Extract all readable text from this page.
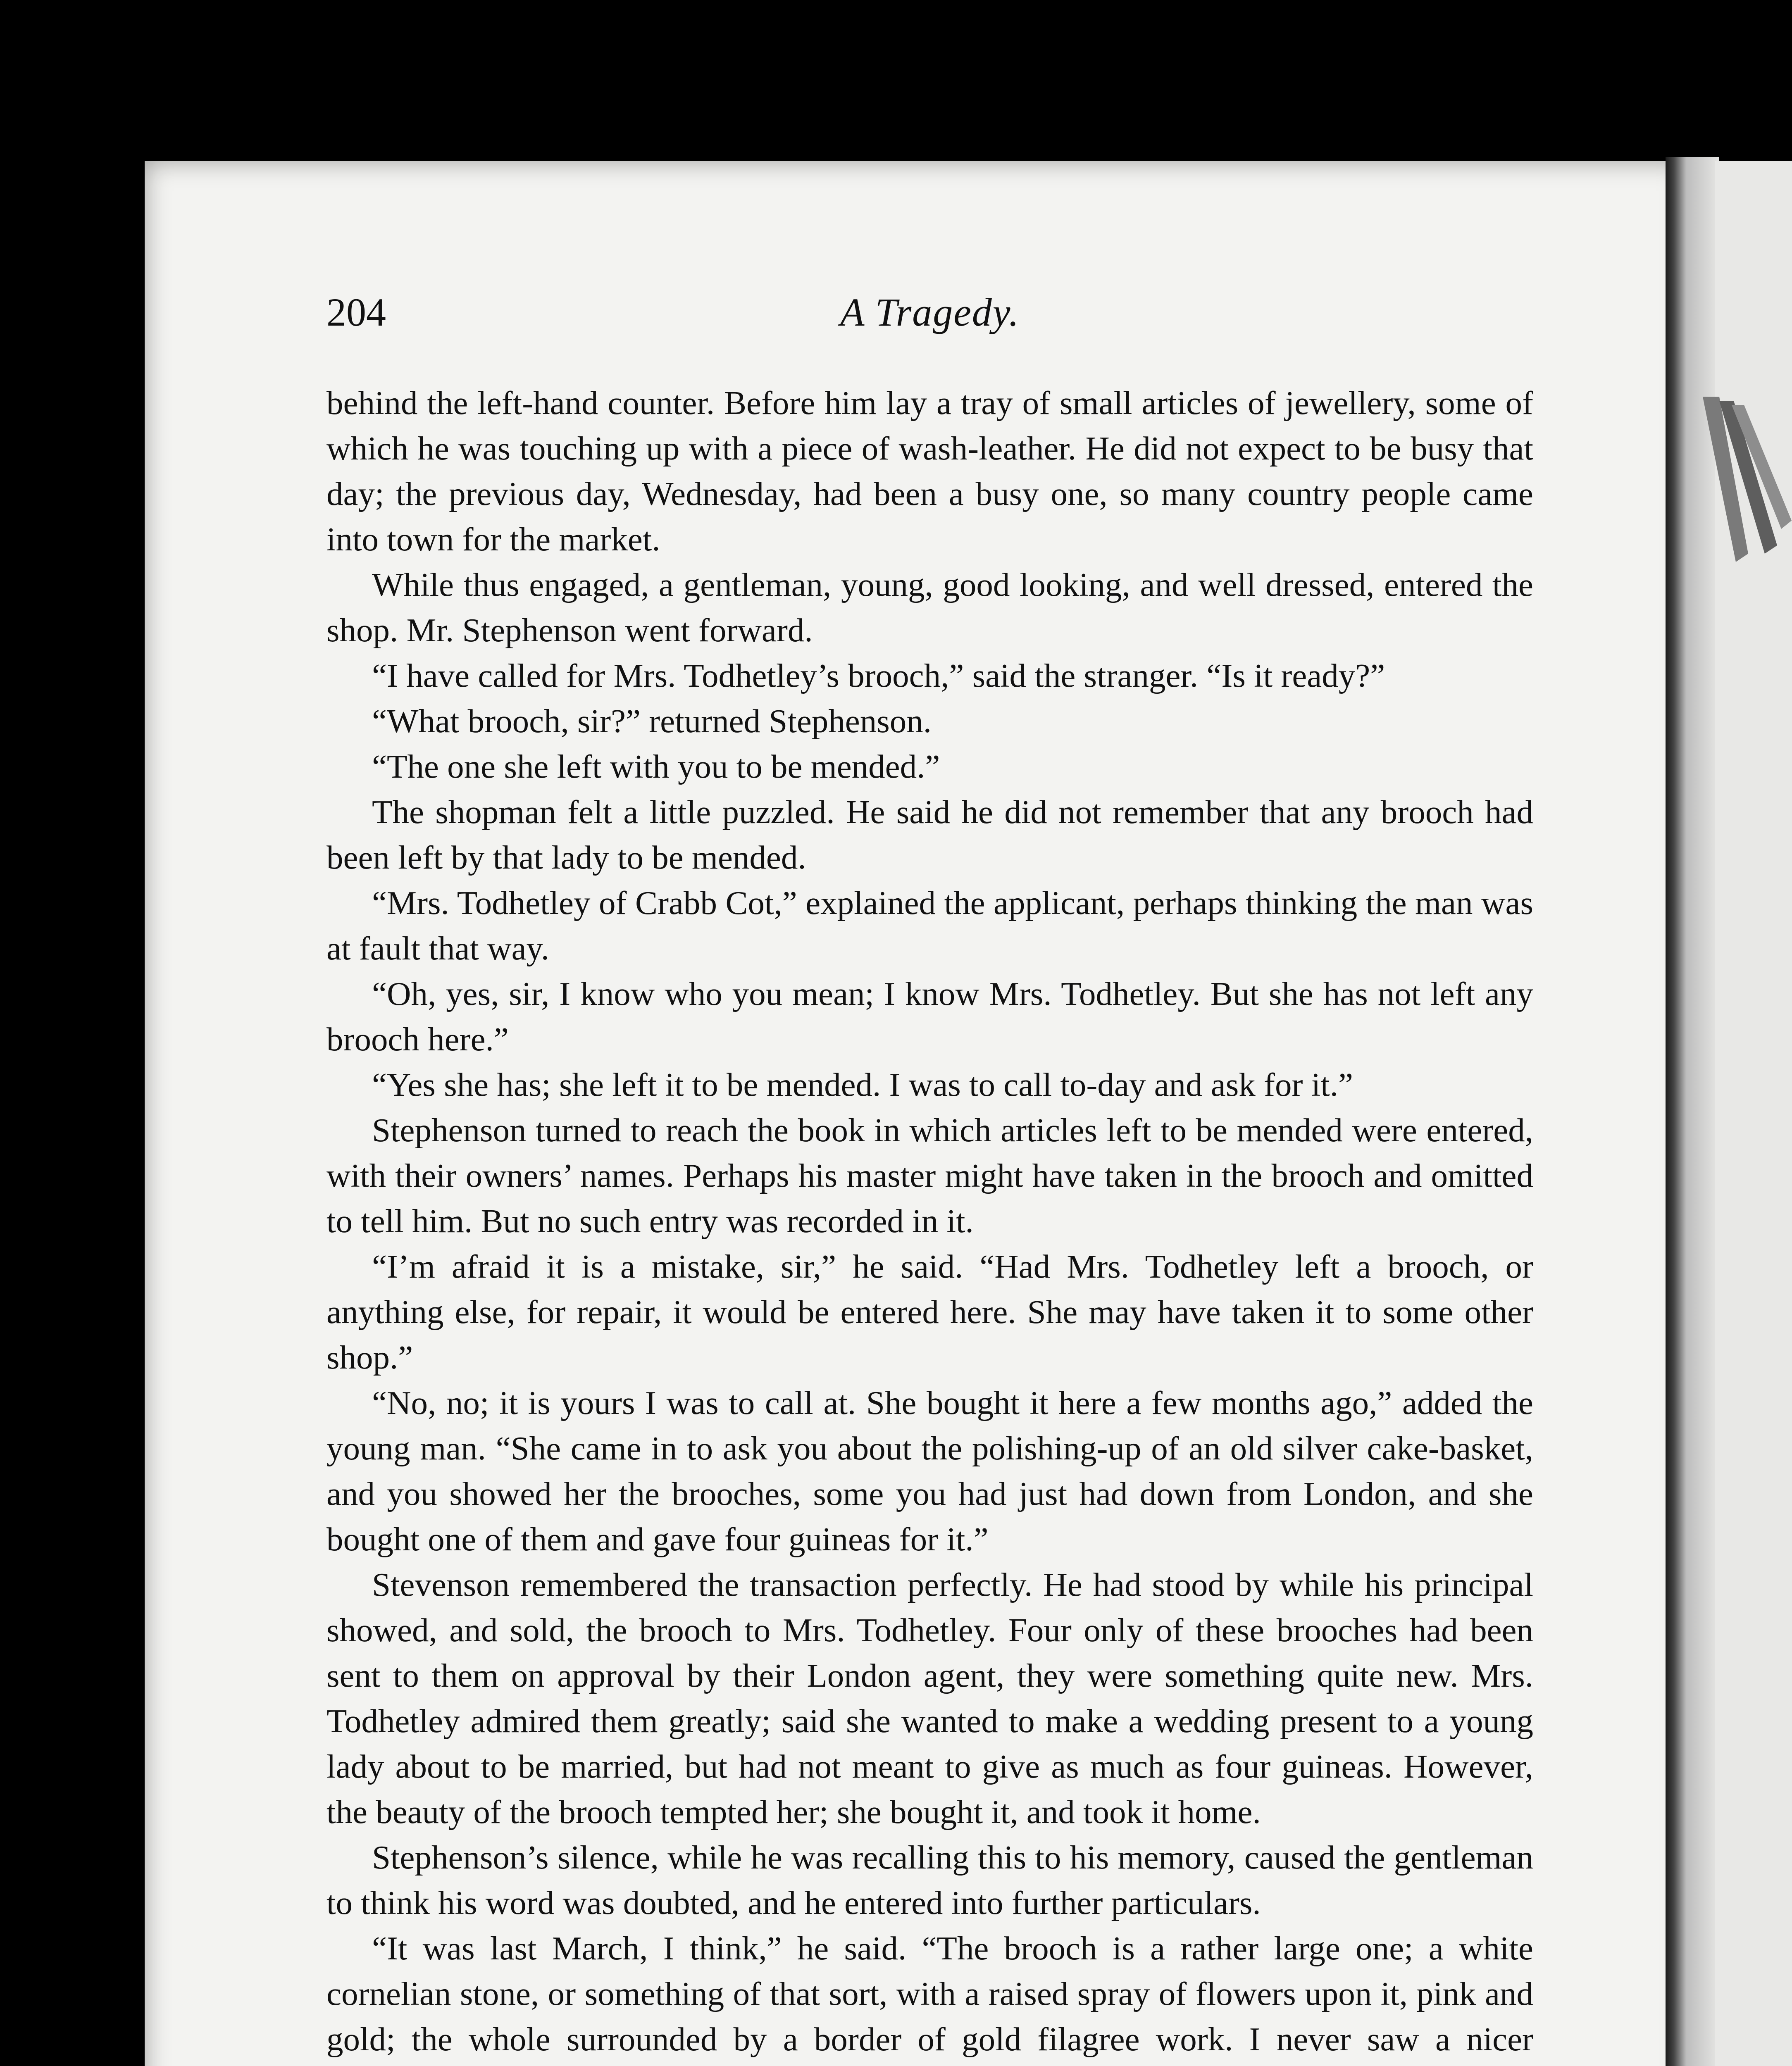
204	A Tragedy.

behind the left-hand counter. Before him lay a tray of small articles of jewellery, some of which he was touching up with a piece of wash-leather. He did not expect to be busy that day; the previous day, Wednesday, had been a busy one, so many country people came into town for the market.

While thus engaged, a gentleman, young, good looking, and well dressed, entered the shop. Mr. Stephenson went forward.

“I have called for Mrs. Todhetley’s brooch,” said the stranger. “Is it ready?”

“What brooch, sir?” returned Stephenson.

“The one she left with you to be mended.”

The shopman felt a little puzzled. He said he did not remember that any brooch had been left by that lady to be mended.

“Mrs. Todhetley of Crabb Cot,” explained the applicant, perhaps thinking the man was at fault that way.

“Oh, yes, sir, I know who you mean; I know Mrs. Todhetley. But she has not left any brooch here.”

“Yes she has; she left it to be mended. I was to call to-day and ask for it.”

Stephenson turned to reach the book in which articles left to be mended were entered, with their owners’ names. Perhaps his master might have taken in the brooch and omitted to tell him. But no such entry was recorded in it.

“I’m afraid it is a mistake, sir,” he said. “Had Mrs. Todhetley left a brooch, or anything else, for repair, it would be entered here. She may have taken it to some other shop.”

“No, no; it is yours I was to call at. She bought it here a few months ago,” added the young man. “She came in to ask you about the polishing-up of an old silver cake-basket, and you showed her the brooches, some you had just had down from London, and she bought one of them and gave four guineas for it.”

Stevenson remembered the transaction perfectly. He had stood by while his principal showed, and sold, the brooch to Mrs. Todhetley. Four only of these brooches had been sent to them on approval by their London agent, they were something quite new. Mrs. Todhetley admired them greatly; said she wanted to make a wedding present to a young lady about to be married, but had not meant to give as much as four guineas. However, the beauty of the brooch tempted her; she bought it, and took it home.

Stephenson’s silence, while he was recalling this to his memory, caused the gentleman to think his word was doubted, and he entered into further particulars.

“It was last March, I think,” he said. “The brooch is a rather large one; a white cornelian stone, or something of that sort, with a raised spray of flowers upon it, pink and gold; the whole surrounded by a border of gold filagree work. I never saw a nicer
